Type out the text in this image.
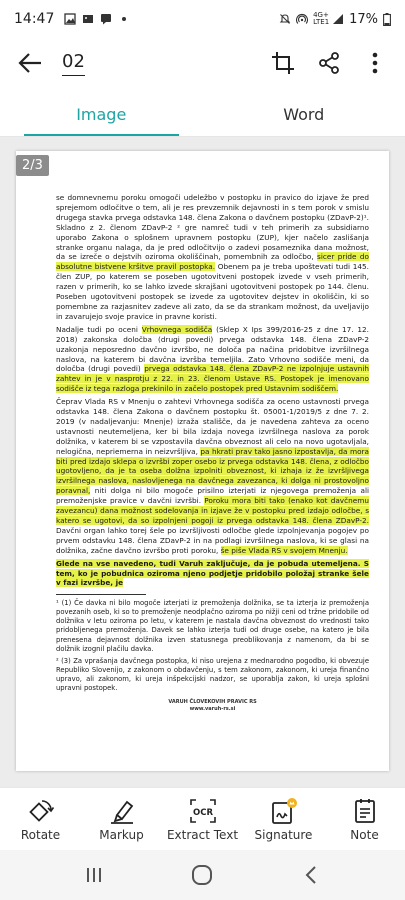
14:47	4G+
LTE1 17%
02
Image	Word

se domnevnemu poroku omogoči udeležbo v postopku in pravico do izjave že pred sprejemom odločitve o tem, ali je res prevzemnik dejavnosti in s tem porok v smislu drugega stavka prvega odstavka 148. člena Zakona o davčnem postopku (ZDavP-2)¹. Skladno z 2. členom ZDavP-2 ² gre namreč tudi v teh primerih za subsidiarno uporabo Zakona o splošnem upravnem postopku (ZUP), kjer načelo zaslišanja stranke organu nalaga, da je pred odločitvijo o zadevi posameznika dana možnost, da se izreče o dejstvih oziroma okoliščinah, pomembnih za odločbo, sicer pride do absolutne bistvene kršitve pravil postopka. Obenem pa je treba upoštevati tudi 145. člen ZUP, po katerem se poseben ugotovitveni postopek izvede v vseh primerih, razen v primerih, ko se lahko izvede skrajšani ugotovitveni postopek po 144. členu. Poseben ugotovitveni postopek se izvede za ugotovitev dejstev in okoliščin, ki so pomembne za razjasnitev zadeve ali zato, da se da strankam možnost, da uveljavijo in zavarujejo svoje pravice in pravne koristi.

Nadalje tudi po oceni Vrhovnega sodišča (Sklep X Ips 399/2016-25 z dne 17. 12. 2018) zakonska določba (drugi povedi) prvega odstavka 148. člena ZDavP-2 uzakonja neposredno davčno izvršbo, ne določa pa načina pridobitve izvršilnega naslova, na katerem bi davčna izvršba temeljila. Zato Vrhovno sodišče meni, da določba (drugi povedi) prvega odstavka 148. člena ZDavP-2 ne izpolnjuje ustavnih zahtev in je v nasprotju z 22. in 23. členom Ustave RS. Postopek je imenovano sodišče iz tega razloga prekinilo in začelo postopek pred Ustavnim sodiščem.

Čeprav Vlada RS v Mnenju o zahtevi Vrhovnega sodišča za oceno ustavnosti prvega odstavka 148. člena Zakona o davčnem postopku št. 05001-1/2019/5 z dne 7. 2. 2019 (v nadaljevanju: Mnenje) izraža stališče, da je navedena zahteva za oceno ustavnosti neutemeljena, ker bi bila izdaja novega izvršilnega naslova za porok dolžnika, v katerem bi se vzpostavila davčna obveznost ali celo na novo ugotavljala, nelogična, nepriemerna in neizvršljiva, pa hkrati prav tako jasno izpostavlja, da mora biti pred izdajo sklepa o izvršbi zoper osebo iz prvega odstavka 148. člena, z odločbo ugotovljeno, da je ta oseba dolžna izpolniti obveznost, ki izhaja iz že izvršljivega izvršilnega naslova, naslovljenega na davčnega zavezanca, ki dolga ni prostovoljno poravnal, niti dolga ni bilo mogoče prisilno izterjati iz njegovega premoženja ali premoženjske pravice v davčni izvršbi. Poroku mora biti tako (enako kot davčnemu zavezancu) dana možnost sodelovanja in izjave že v postopku pred izdajo odločbe, s katero se ugotovi, da so izpolnjeni pogoji iz prvega odstavka 148. člena ZDavP-2. Davčni organ lahko torej šele po izvršljivosti odločbe glede izpolnjevanja pogojev po prvem odstavku 148. člena ZDavP-2 in na podlagi izvršilnega naslova, ki se glasi na dolžnika, začne davčno izvršbo proti poroku, še piše Vlada RS v svojem Mnenju.

Glede na vse navedeno, tudi Varuh zaključuje, da je pobuda utemeljena. S tem, ko je pobudnica oziroma njeno podjetje pridobilo položaj stranke šele v fazi izvršbe, je

¹ (1) Če davka ni bilo mogoče izterjati iz premoženja dolžnika, se ta izterja iz premoženja povezanih oseb, ki so to premoženje neodplačno oziroma po nižji ceni od tržne pridobile od dolžnika v letu oziroma po letu, v katerem je nastala davčna obveznost do vrednosti tako pridobljenega premoženja. Davek se lahko izterja tudi od druge osebe, na katero je bila prenesena dejavnost dolžnika izven statusnega preoblikovanja z namenom, da bi se dolžnik izognil plačilu davka.

² (3) Za vprašanja davčnega postopka, ki niso urejena z mednarodno pogodbo, ki obvezuje Republiko Slovenijo, z zakonom o obdavčenju, s tem zakonom, zakonom, ki ureja finančno upravo, ali zakonom, ki ureja inšpekcijski nadzor, se uporablja zakon, ki ureja splošni upravni postopek.

VARUH ČLOVEKOVIH PRAVIC RS
www.varuh-rs.si
2/3
Rotate	Markup
OCR
Extract Text Signature	Note
